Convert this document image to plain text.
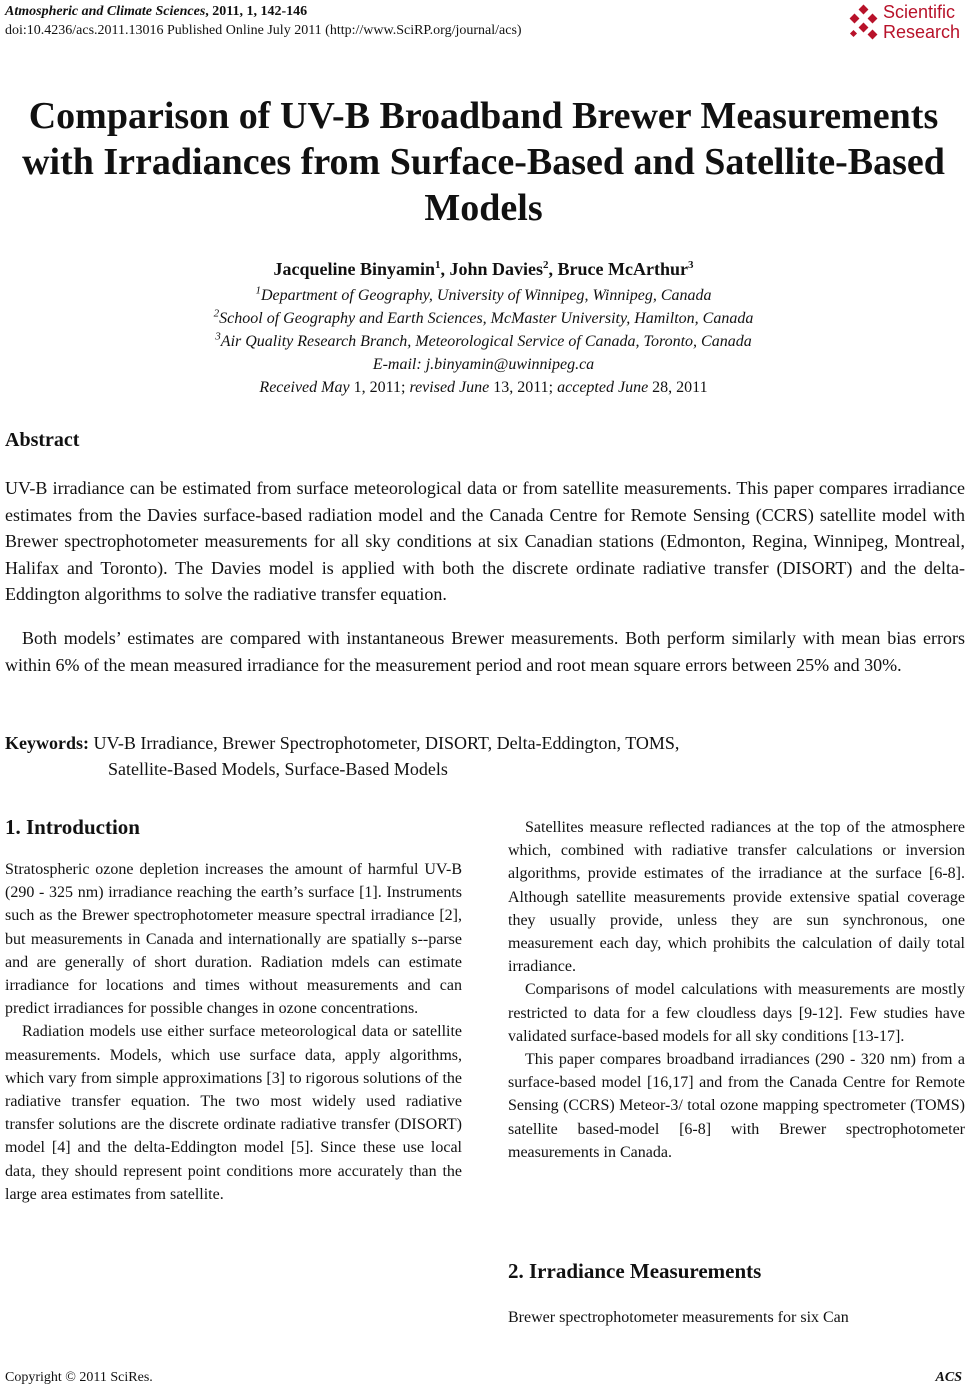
Atmospheric and Climate Sciences, 2011, 1, 142-146
doi:10.4236/acs.2011.13016 Published Online July 2011 (http://www.SciRP.org/journal/acs)
Scientific
Research
Comparison of UV-B Broadband Brewer Measurements with Irradiances from Surface-Based and Satellite-Based Models
Jacqueline Binyamin$^1$, John Davies$^2$, Bruce McArthur$^3$
$^1$Department of Geography, University of Winnipeg, Winnipeg, Canada
$^2$School of Geography and Earth Sciences, McMaster University, Hamilton, Canada
$^3$Air Quality Research Branch, Meteorological Service of Canada, Toronto, Canada
E-mail: j.binyamin@uwinnipeg.ca
Received May 1, 2011; revised June 13, 2011; accepted June 28, 2011
Abstract
UV-B irradiance can be estimated from surface meteorological data or from satellite measurements. This paper compares irradiance estimates from the Davies surface-based radiation model and the Canada Centre for Remote Sensing (CCRS) satellite model with Brewer spectrophotometer measurements for all sky conditions at six Canadian stations (Edmonton, Regina, Winnipeg, Montreal, Halifax and Toronto). The Davies model is applied with both the discrete ordinate radiative transfer (DISORT) and the delta-Eddington algorithms to solve the radiative transfer equation.
Both models’ estimates are compared with instantaneous Brewer measurements. Both perform similarly with mean bias errors within 6% of the mean measured irradiance for the measurement period and root mean square errors between 25% and 30%.
Keywords: UV-B Irradiance, Brewer Spectrophotometer, DISORT, Delta-Eddington, TOMS,
Satellite-Based Models, Surface-Based Models
1. Introduction

Stratospheric ozone depletion increases the amount of harmful UV-B (290 - 325 nm) irradiance reaching the earth’s surface [1]. Instruments such as the Brewer spectrophotometer measure spectral irradiance [2], but measurements in Canada and internationally are spatially s--parse and are generally of short duration. Radiation mdels can estimate irradiance for locations and times without measurements and can predict irradiances for possible changes in ozone concentrations.

Radiation models use either surface meteorological data or satellite measurements. Models, which use surface data, apply algorithms, which vary from simple approximations [3] to rigorous solutions of the radiative transfer equation. The two most widely used radiative transfer solutions are the discrete ordinate radiative transfer (DISORT) model [4] and the delta-Eddington model [5]. Since these use local data, they should represent point conditions more accurately than the large area estimates from satellite.

Satellites measure reflected radiances at the top of the atmosphere which, combined with radiative transfer calculations or inversion algorithms, provide estimates of the irradiance at the surface [6-8]. Although satellite measurements provide extensive spatial coverage they usually provide, unless they are sun synchronous, one measurement each day, which prohibits the calculation of daily total irradiance.

Comparisons of model calculations with measurements are mostly restricted to data for a few cloudless days [9-12]. Few studies have validated surface-based models for all sky conditions [13-17].

This paper compares broadband irradiances (290 - 320 nm) from a surface-based model [16,17] and from the Canada Centre for Remote Sensing (CCRS) Meteor-3/ total ozone mapping spectrometer (TOMS) satellite based-model [6-8] with Brewer spectrophotometer measurements in Canada.

2. Irradiance Measurements

Brewer spectrophotometer measurements for six Can

Copyright © 2011 SciRes.	ACS
